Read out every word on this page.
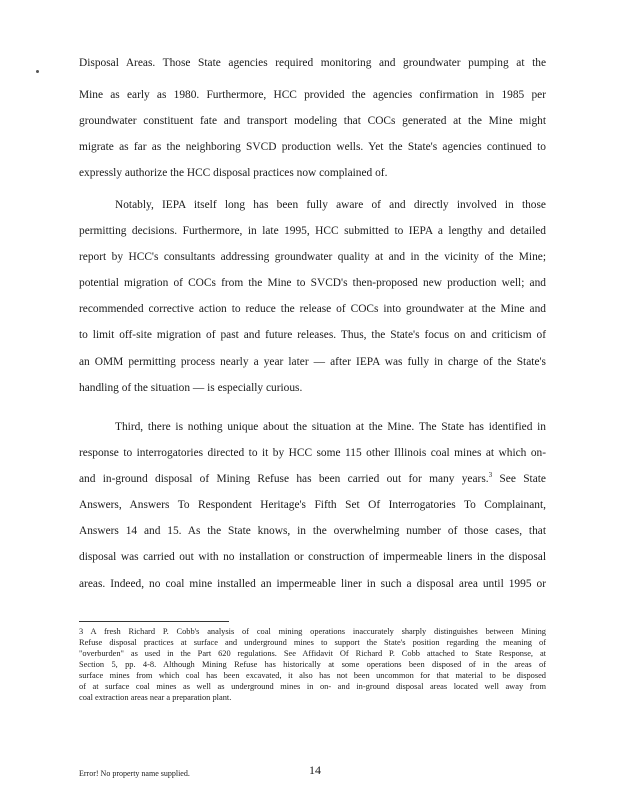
Disposal Areas. Those State agencies required monitoring and groundwater pumping at the
Mine as early as 1980. Furthermore, HCC provided the agencies confirmation in 1985 per
groundwater constituent fate and transport modeling that COCs generated at the Mine might
migrate as far as the neighboring SVCD production wells. Yet the State's agencies continued to
expressly authorize the HCC disposal practices now complained of.
Notably, IEPA itself long has been fully aware of and directly involved in those
permitting decisions. Furthermore, in late 1995, HCC submitted to IEPA a lengthy and detailed
report by HCC's consultants addressing groundwater quality at and in the vicinity of the Mine;
potential migration of COCs from the Mine to SVCD's then-proposed new production well; and
recommended corrective action to reduce the release of COCs into groundwater at the Mine and
to limit off-site migration of past and future releases. Thus, the State's focus on and criticism of
an OMM permitting process nearly a year later — after IEPA was fully in charge of the State's
handling of the situation — is especially curious.
Third, there is nothing unique about the situation at the Mine. The State has identified in
response to interrogatories directed to it by HCC some 115 other Illinois coal mines at which on-
and in-ground disposal of Mining Refuse has been carried out for many years.$^3$ See State
Answers, Answers To Respondent Heritage's Fifth Set Of Interrogatories To Complainant,
Answers 14 and 15. As the State knows, in the overwhelming number of those cases, that
disposal was carried out with no installation or construction of impermeable liners in the disposal
areas. Indeed, no coal mine installed an impermeable liner in such a disposal area until 1995 or
3 A fresh Richard P. Cobb's analysis of coal mining operations inaccurately sharply distinguishes between Mining
Refuse disposal practices at surface and underground mines to support the State's position regarding the meaning of
"overburden" as used in the Part 620 regulations. See Affidavit Of Richard P. Cobb attached to State Response, at
Section 5, pp. 4-8. Although Mining Refuse has historically at some operations been disposed of in the areas of
surface mines from which coal has been excavated, it also has not been uncommon for that material to be disposed
of at surface coal mines as well as underground mines in on- and in-ground disposal areas located well away from
coal extraction areas near a preparation plant.
Error! No property name supplied.	14
